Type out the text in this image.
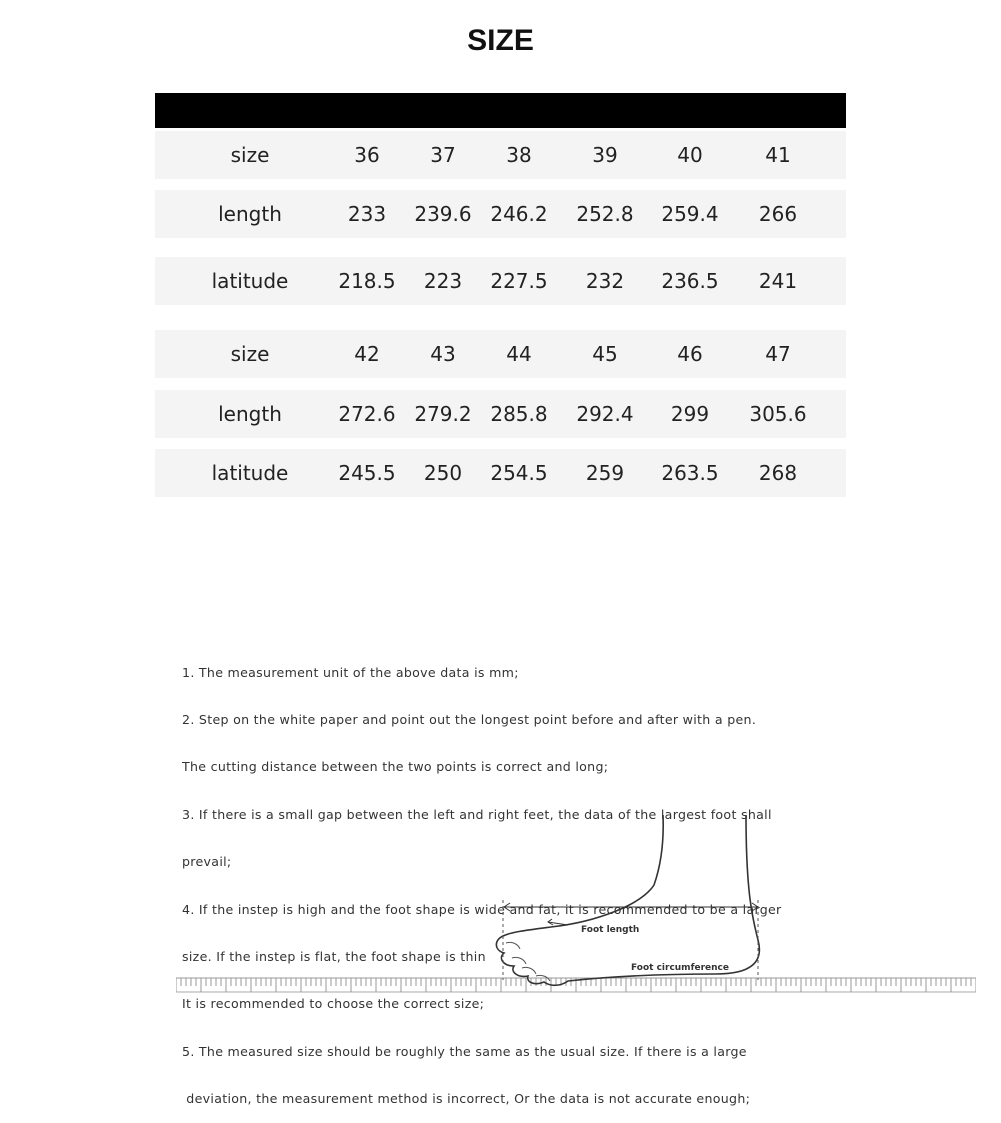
SIZE
size	36	37	38	39	40	41
length	233	239.6 246.2	252.8	259.4	266
latitude	218.5	223	227.5	232	236.5	241
size	42	43	44	45	46	47
length	272.6 279.2 285.8	292.4	299	305.6
latitude	245.5	250	254.5	259	263.5	268

1. The measurement unit of the above data is mm;

2. Step on the white paper and point out the longest point before and after with a pen.

The cutting distance between the two points is correct and long;

3. If there is a small gap between the left and right feet, the data of the largest foot shall

prevail;

4. If the instep is high and the foot shape is wide and fat, it is recommended to be a larger

size. If the instep is flat, the foot shape is thin

It is recommended to choose the correct size;

5. The measured size should be roughly the same as the usual size. If there is a large

deviation, the measurement method is incorrect, Or the data is not accurate enough;

Foot length
Foot circumference
